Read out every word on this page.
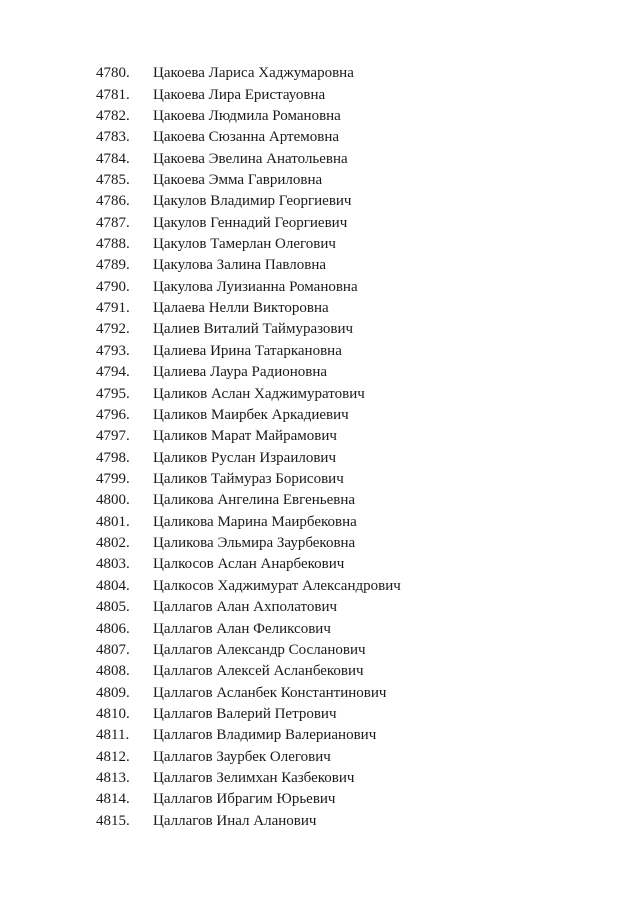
4780.	Цакоева Лариса Хаджумаровна
4781.	Цакоева Лира Еристауовна
4782.	Цакоева Людмила Романовна
4783.	Цакоева Сюзанна Артемовна
4784.	Цакоева Эвелина Анатольевна
4785.	Цакоева Эмма Гавриловна
4786.	Цакулов Владимир Георгиевич
4787.	Цакулов Геннадий Георгиевич
4788.	Цакулов Тамерлан Олегович
4789.	Цакулова Залина Павловна
4790.	Цакулова Луизианна Романовна
4791.	Цалаева Нелли Викторовна
4792.	Цалиев Виталий Таймуразович
4793.	Цалиева Ирина Татаркановна
4794.	Цалиева Лаура Радионовна
4795.	Цаликов Аслан Хаджимуратович
4796.	Цаликов Маирбек Аркадиевич
4797.	Цаликов Марат Майрамович
4798.	Цаликов Руслан Израилович
4799.	Цаликов Таймураз Борисович
4800.	Цаликова Ангелина Евгеньевна
4801.	Цаликова Марина Маирбековна
4802.	Цаликова Эльмира Заурбековна
4803.	Цалкосов Аслан Анарбекович
4804.	Цалкосов Хаджимурат Александрович
4805.	Цаллагов Алан Ахполатович
4806.	Цаллагов Алан Феликсович
4807.	Цаллагов Александр Сосланович
4808.	Цаллагов Алексей Асланбекович
4809.	Цаллагов Асланбек Константинович
4810.	Цаллагов Валерий Петрович
4811.	Цаллагов Владимир Валерианович
4812.	Цаллагов Заурбек Олегович
4813.	Цаллагов Зелимхан Казбекович
4814.	Цаллагов Ибрагим Юрьевич
4815.	Цаллагов Инал Аланович
